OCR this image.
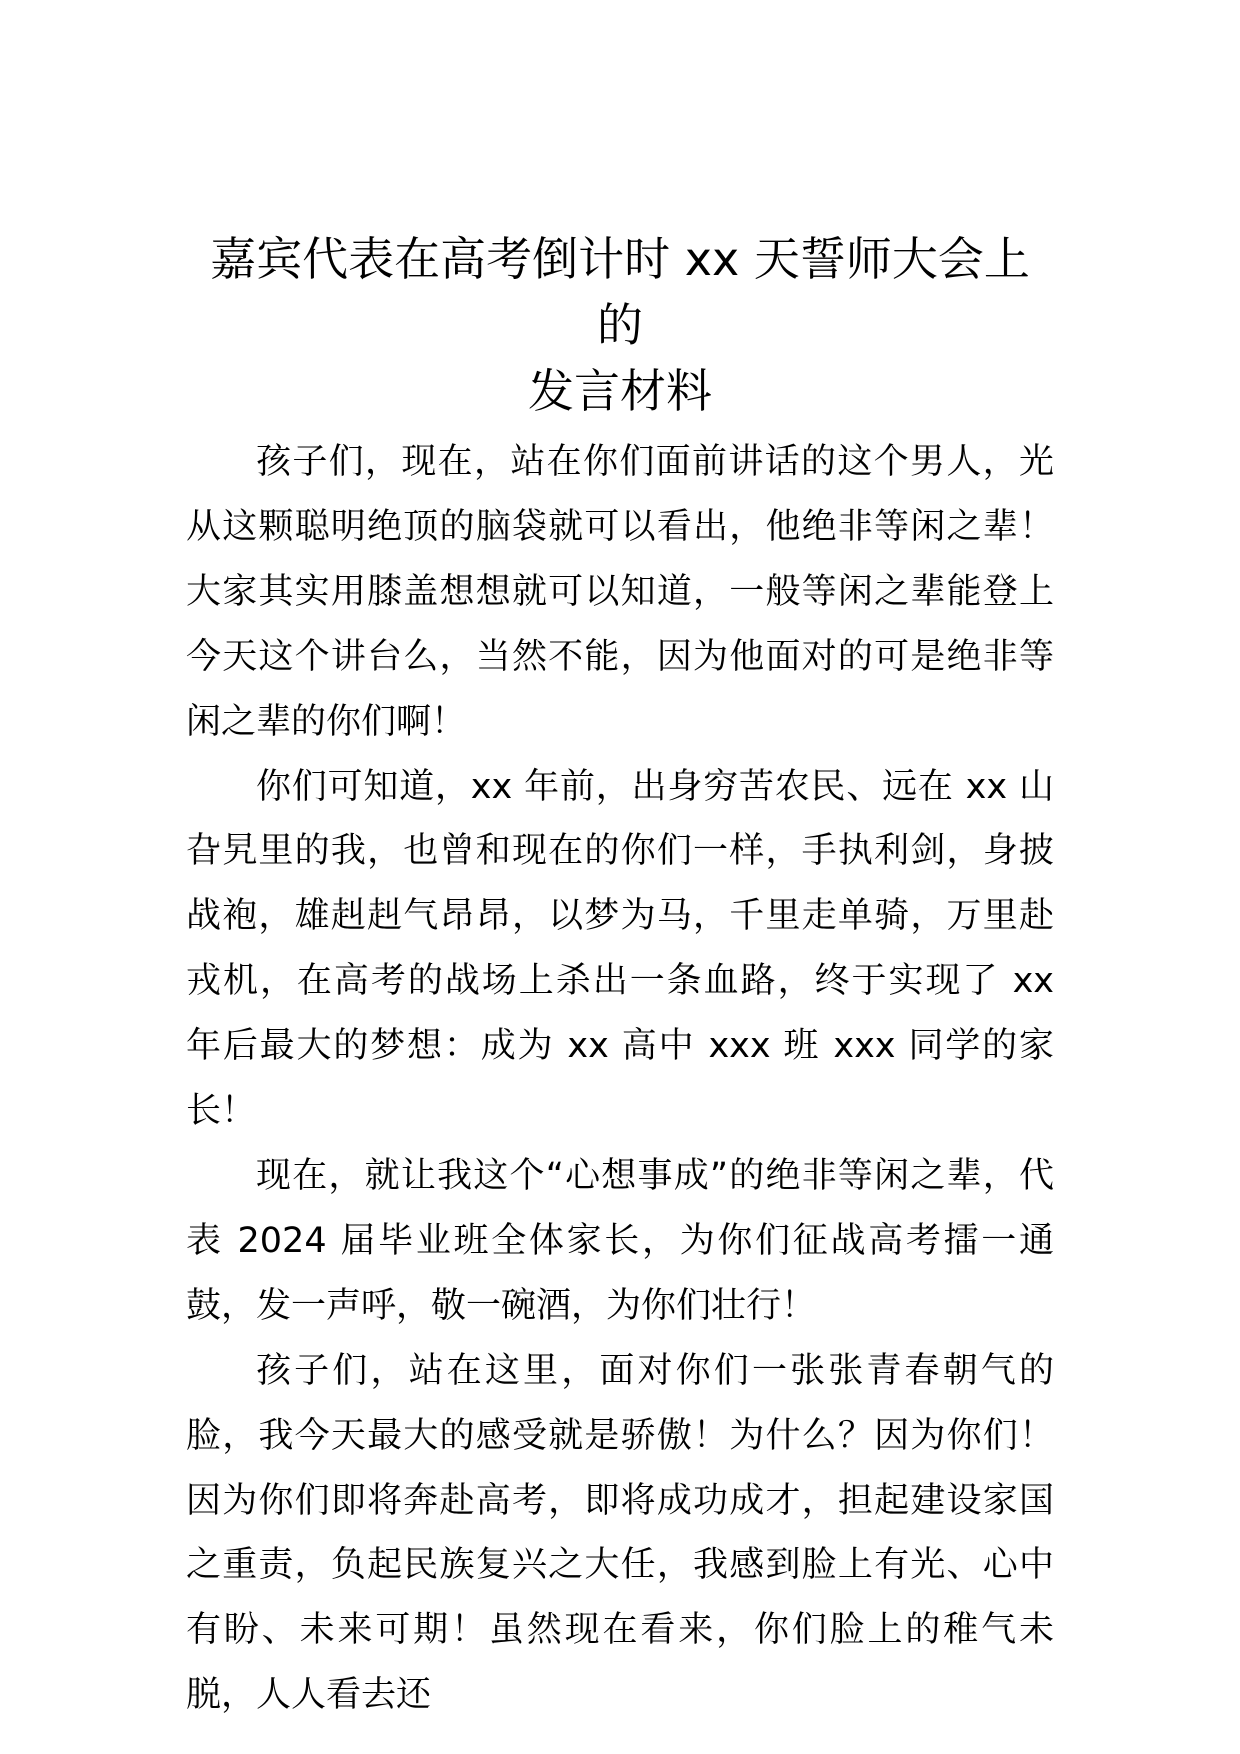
嘉宾代表在高考倒计时 xx 天誓师大会上的
发言材料

孩子们，现在，站在你们面前讲话的这个男人，光从这颗聪明绝顶的脑袋就可以看出，他绝非等闲之辈！大家其实用膝盖想想就可以知道，一般等闲之辈能登上今天这个讲台么，当然不能，因为他面对的可是绝非等闲之辈的你们啊！

你们可知道，xx 年前，出身穷苦农民、远在 xx 山旮旯里的我，也曾和现在的你们一样，手执利剑，身披战袍，雄赳赳气昂昂，以梦为马，千里走单骑，万里赴戎机，在高考的战场上杀出一条血路，终于实现了 xx 年后最大的梦想：成为 xx 高中 xxx 班 xxx 同学的家长！

现在，就让我这个“心想事成”的绝非等闲之辈，代表 2024 届毕业班全体家长，为你们征战高考擂一通鼓，发一声呼，敬一碗酒，为你们壮行！

孩子们，站在这里，面对你们一张张青春朝气的脸，我今天最大的感受就是骄傲！为什么？因为你们！因为你们即将奔赴高考，即将成功成才，担起建设家国之重责，负起民族复兴之大任，我感到脸上有光、心中有盼、未来可期！虽然现在看来，你们脸上的稚气未脱，人人看去还
